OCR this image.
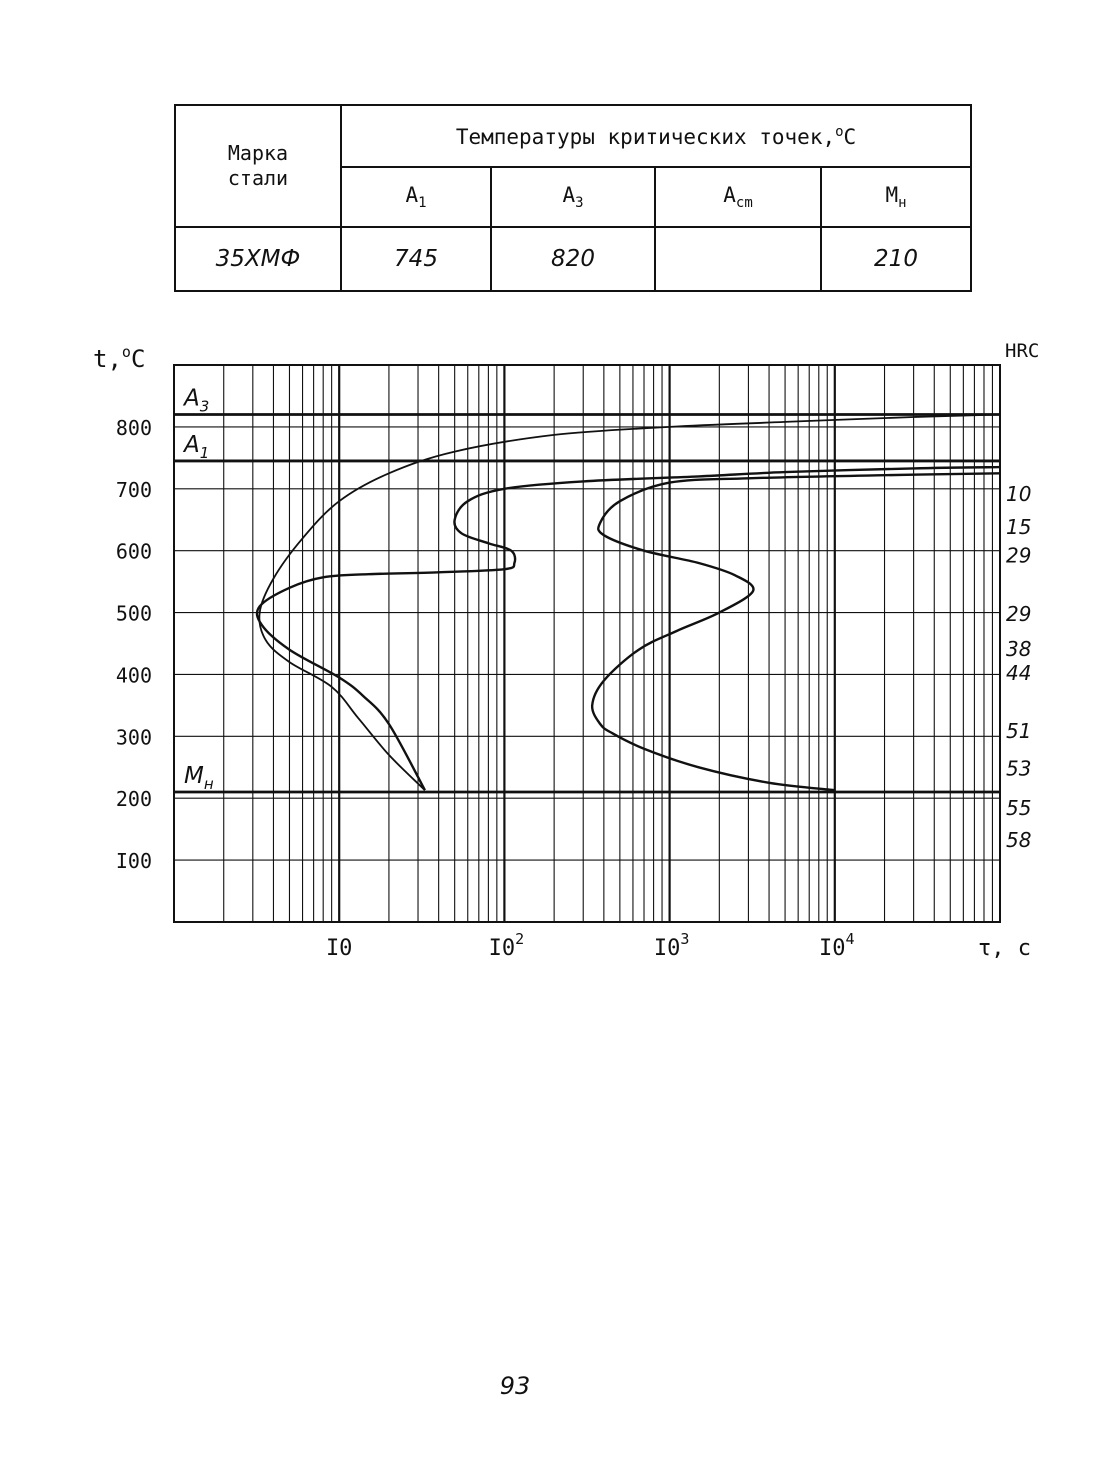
Марка
стали	Температуры критических точек,$^о$С			
	$A_1$	$A_3$	$A_{cm}$	$M_н$
35ХМФ	745	820		210
$A_3$
$A_1$
$M_н$
800
700
600
500
400
300
200
I00
I0	$I0^2$	$I0^3$	$I0^4$
10
15
29
29
38
44
51
53
55
58
t,$^о$С	HRC
τ, с
93
